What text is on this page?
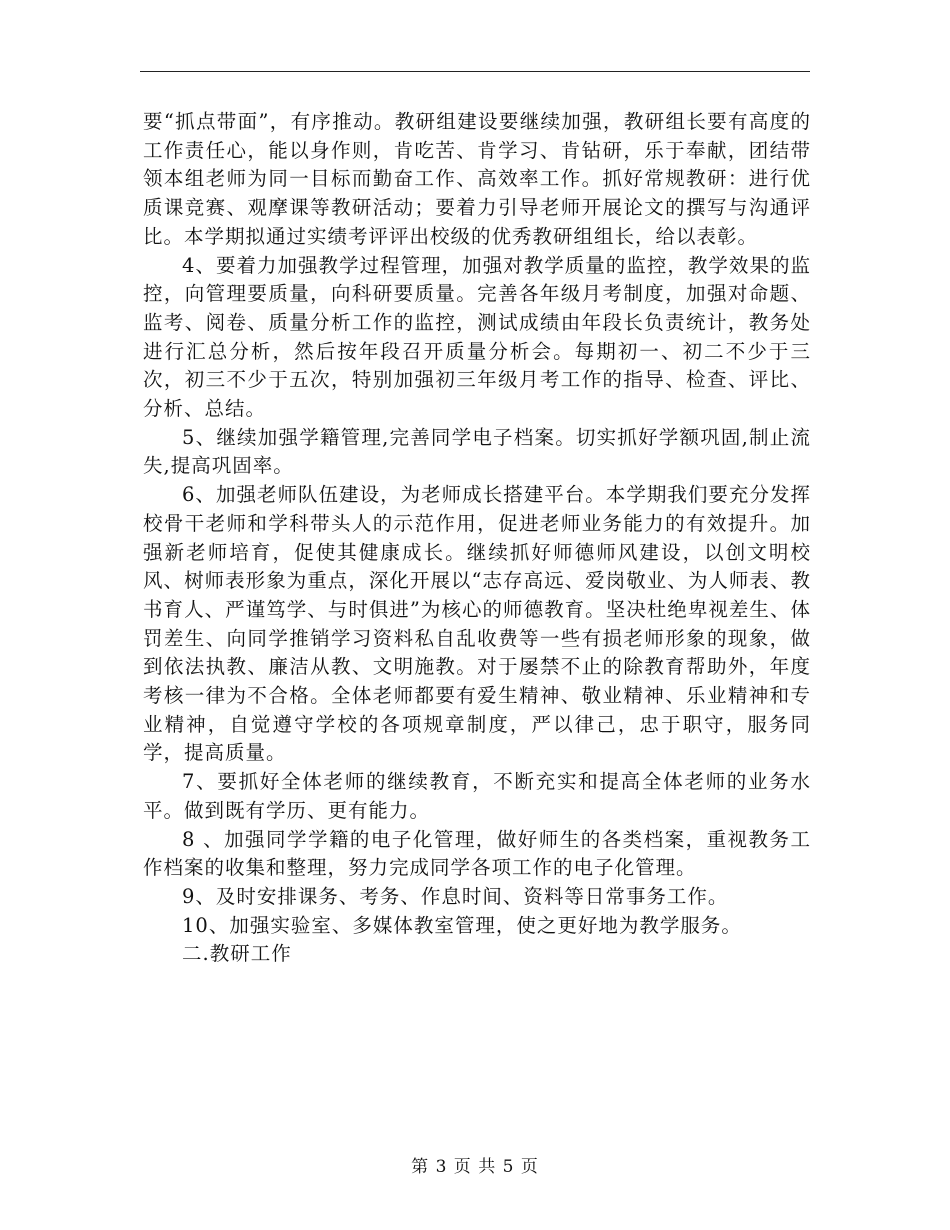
要“抓点带面”，有序推动。教研组建设要继续加强，教研组长要有高度的工作责任心，能以身作则，肯吃苦、肯学习、肯钻研，乐于奉献，团结带领本组老师为同一目标而勤奋工作、高效率工作。抓好常规教研：进行优质课竞赛、观摩课等教研活动；要着力引导老师开展论文的撰写与沟通评比。本学期拟通过实绩考评评出校级的优秀教研组组长，给以表彰。

4、要着力加强教学过程管理，加强对教学质量的监控，教学效果的监控，向管理要质量，向科研要质量。完善各年级月考制度，加强对命题、监考、阅卷、质量分析工作的监控，测试成绩由年段长负责统计，教务处进行汇总分析，然后按年段召开质量分析会。每期初一、初二不少于三次，初三不少于五次，特别加强初三年级月考工作的指导、检查、评比、分析、总结。

5、继续加强学籍管理,完善同学电子档案。切实抓好学额巩固,制止流失,提高巩固率。

6、加强老师队伍建设，为老师成长搭建平台。本学期我们要充分发挥校骨干老师和学科带头人的示范作用，促进老师业务能力的有效提升。加强新老师培育，促使其健康成长。继续抓好师德师风建设，以创文明校风、树师表形象为重点，深化开展以“志存高远、爱岗敬业、为人师表、教书育人、严谨笃学、与时俱进”为核心的师德教育。坚决杜绝卑视差生、体罚差生、向同学推销学习资料私自乱收费等一些有损老师形象的现象，做到依法执教、廉洁从教、文明施教。对于屡禁不止的除教育帮助外，年度考核一律为不合格。全体老师都要有爱生精神、敬业精神、乐业精神和专业精神，自觉遵守学校的各项规章制度，严以律己，忠于职守，服务同学，提高质量。

7、要抓好全体老师的继续教育，不断充实和提高全体老师的业务水平。做到既有学历、更有能力。

8 、加强同学学籍的电子化管理，做好师生的各类档案，重视教务工作档案的收集和整理，努力完成同学各项工作的电子化管理。

9、及时安排课务、考务、作息时间、资料等日常事务工作。

10、加强实验室、多媒体教室管理，使之更好地为教学服务。

二.教研工作

第 3 页 共 5 页
